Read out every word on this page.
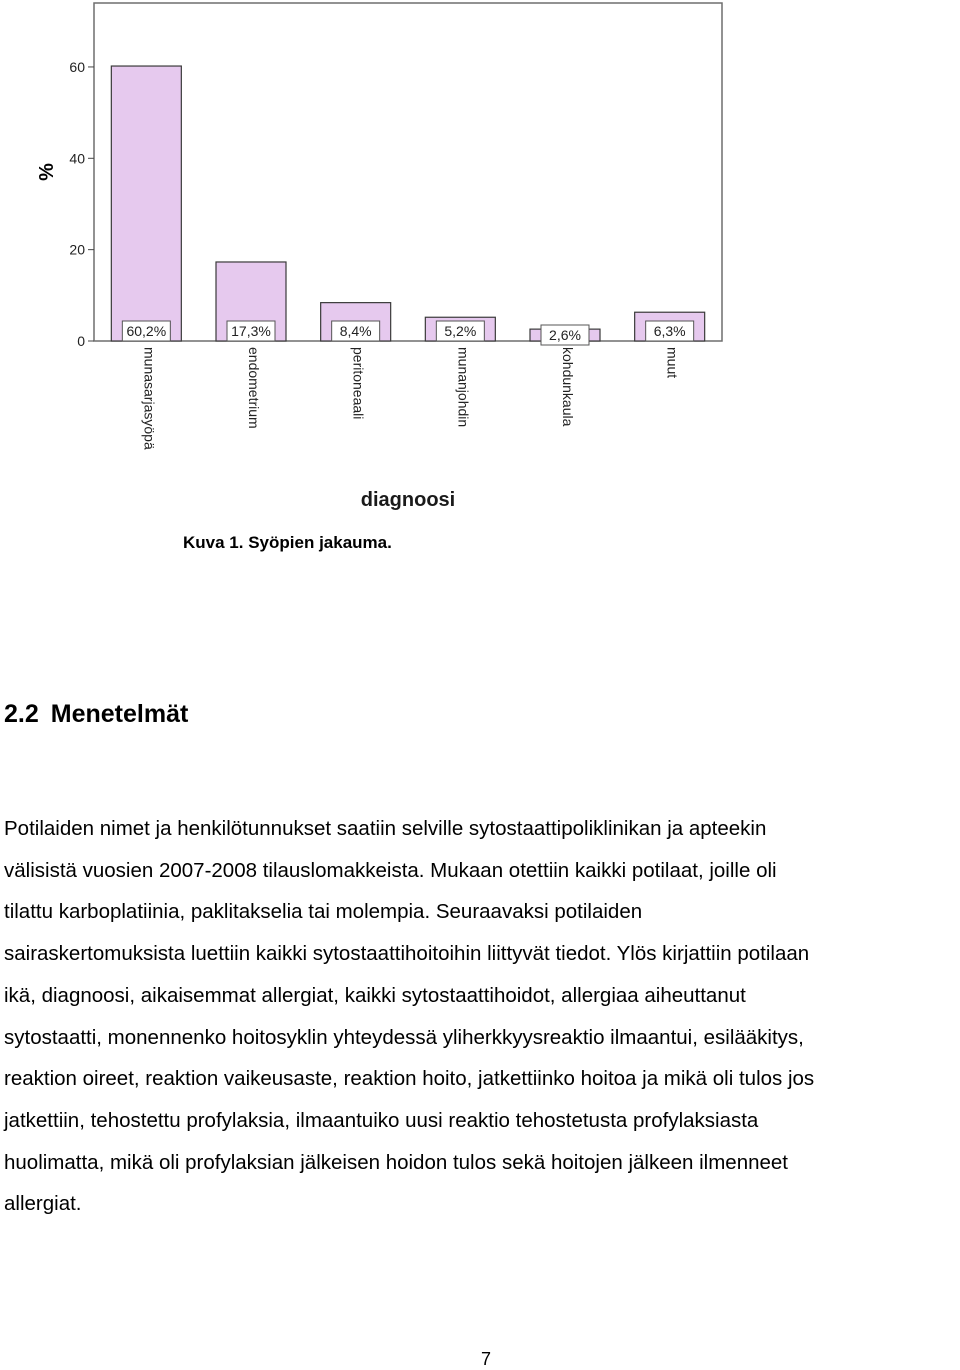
0
20
40
60
60,2%	17,3%	8,4%	5,2%	2,6%	6,3%
munasarjasyöpä	endometrium	peritoneaali	munanjohdin	kohdunkaula	muut
%
diagnoosi
Kuva 1. Syöpien jakauma.
2.2 Menetelmät

Potilaiden nimet ja henkilötunnukset saatiin selville sytostaattipoliklinikan ja apteekin
välisistä vuosien 2007-2008 tilauslomakkeista. Mukaan otettiin kaikki potilaat, joille oli
tilattu karboplatiinia, paklitakselia tai molempia. Seuraavaksi potilaiden
sairaskertomuksista luettiin kaikki sytostaattihoitoihin liittyvät tiedot. Ylös kirjattiin potilaan
ikä, diagnoosi, aikaisemmat allergiat, kaikki sytostaattihoidot, allergiaa aiheuttanut
sytostaatti, monennenko hoitosyklin yhteydessä yliherkkyysreaktio ilmaantui, esilääkitys,
reaktion oireet, reaktion vaikeusaste, reaktion hoito, jatkettiinko hoitoa ja mikä oli tulos jos
jatkettiin, tehostettu profylaksia, ilmaantuiko uusi reaktio tehostetusta profylaksiasta
huolimatta, mikä oli profylaksian jälkeisen hoidon tulos sekä hoitojen jälkeen ilmenneet
allergiat.

7
